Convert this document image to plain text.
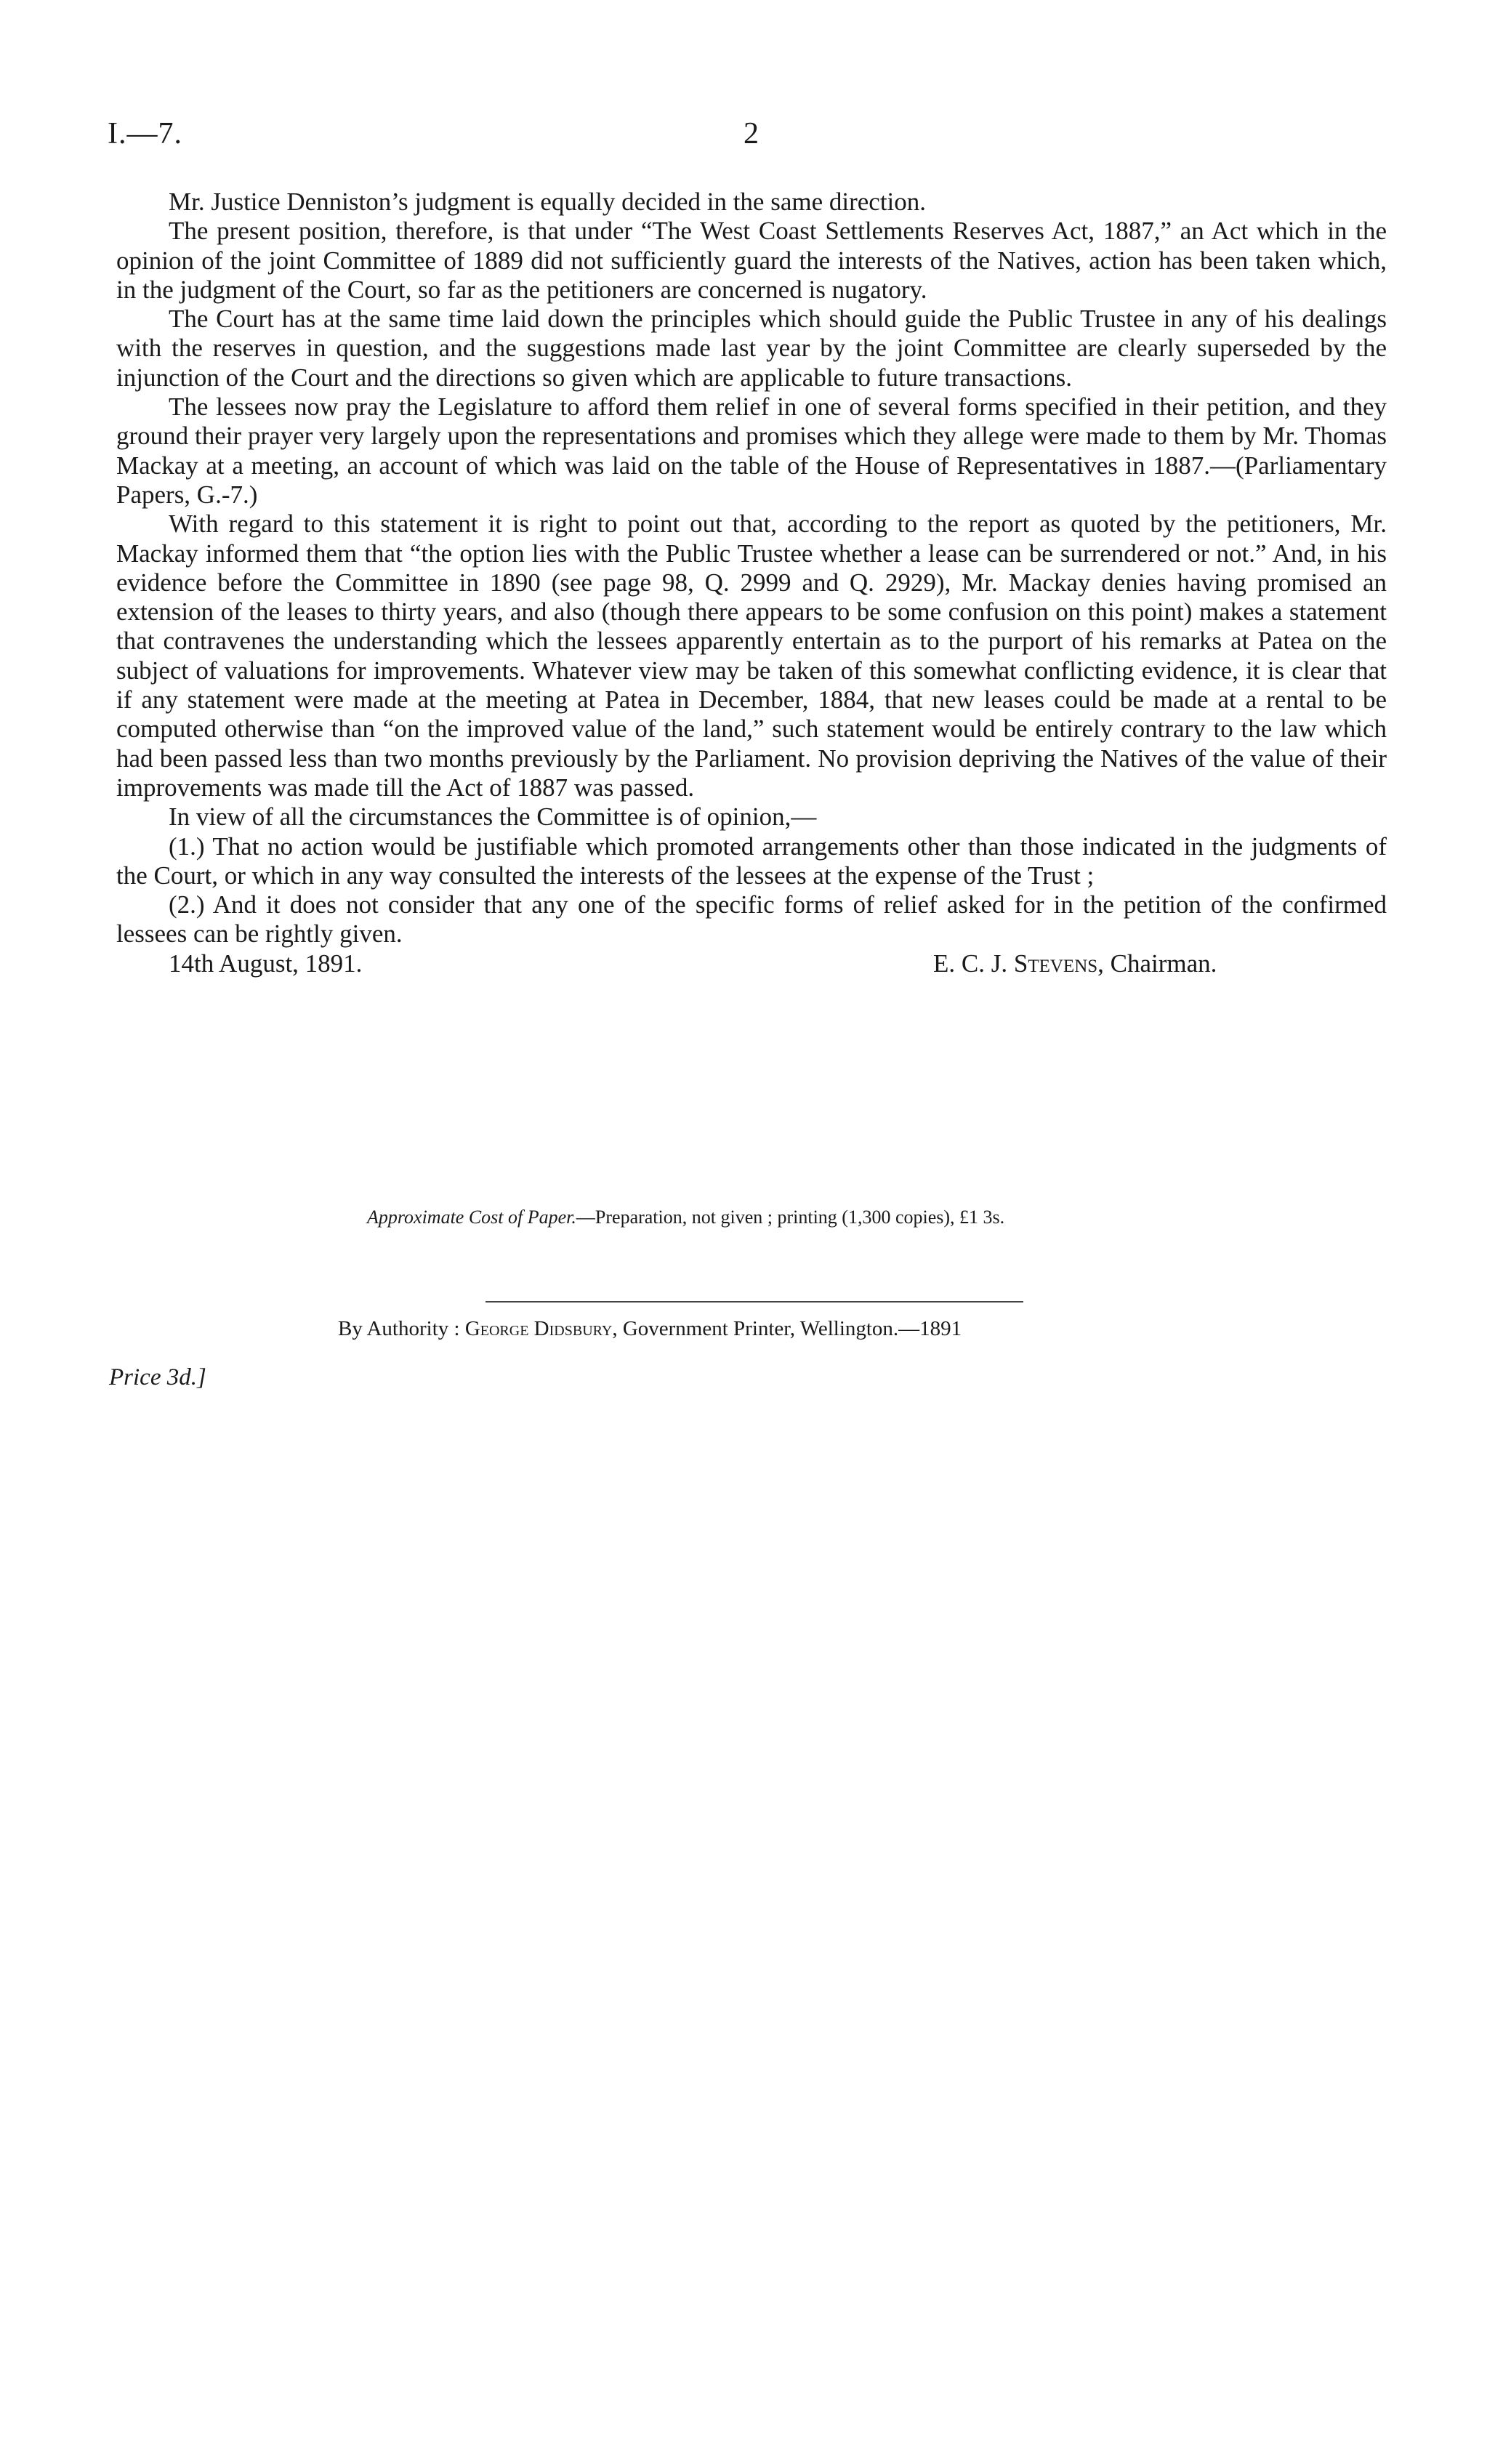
I.—7.	2

Mr. Justice Denniston’s judgment is equally decided in the same direction.

The present position, therefore, is that under “The West Coast Settlements Reserves Act, 1887,” an Act which in the opinion of the joint Committee of 1889 did not sufficiently guard the interests of the Natives, action has been taken which, in the judgment of the Court, so far as the petitioners are concerned is nugatory.

The Court has at the same time laid down the principles which should guide the Public Trustee in any of his dealings with the reserves in question, and the suggestions made last year by the joint Committee are clearly superseded by the injunction of the Court and the directions so given which are applicable to future transactions.

The lessees now pray the Legislature to afford them relief in one of several forms specified in their petition, and they ground their prayer very largely upon the representations and promises which they allege were made to them by Mr. Thomas Mackay at a meeting, an account of which was laid on the table of the House of Representatives in 1887.—(Parliamentary Papers, G.-7.)

With regard to this statement it is right to point out that, according to the report as quoted by the petitioners, Mr. Mackay informed them that “the option lies with the Public Trustee whether a lease can be surrendered or not.” And, in his evidence before the Committee in 1890 (see page 98, Q. 2999 and Q. 2929), Mr. Mackay denies having promised an extension of the leases to thirty years, and also (though there appears to be some confusion on this point) makes a statement that contravenes the understanding which the lessees apparently entertain as to the purport of his remarks at Patea on the subject of valuations for improvements. Whatever view may be taken of this somewhat conflicting evidence, it is clear that if any statement were made at the meeting at Patea in December, 1884, that new leases could be made at a rental to be computed otherwise than “on the improved value of the land,” such statement would be entirely contrary to the law which had been passed less than two months previously by the Parliament. No provision depriving the Natives of the value of their improvements was made till the Act of 1887 was passed.

In view of all the circumstances the Committee is of opinion,—

(1.) That no action would be justifiable which promoted arrangements other than those indicated in the judgments of the Court, or which in any way consulted the interests of the lessees at the expense of the Trust ;

(2.) And it does not consider that any one of the specific forms of relief asked for in the petition of the confirmed lessees can be rightly given.

14th August, 1891.	E. C. J. Stevens, Chairman.
Approximate Cost of Paper.—Preparation, not given ; printing (1,300 copies), £1 3s.
By Authority : George Didsbury, Government Printer, Wellington.—1891
Price 3d.]
